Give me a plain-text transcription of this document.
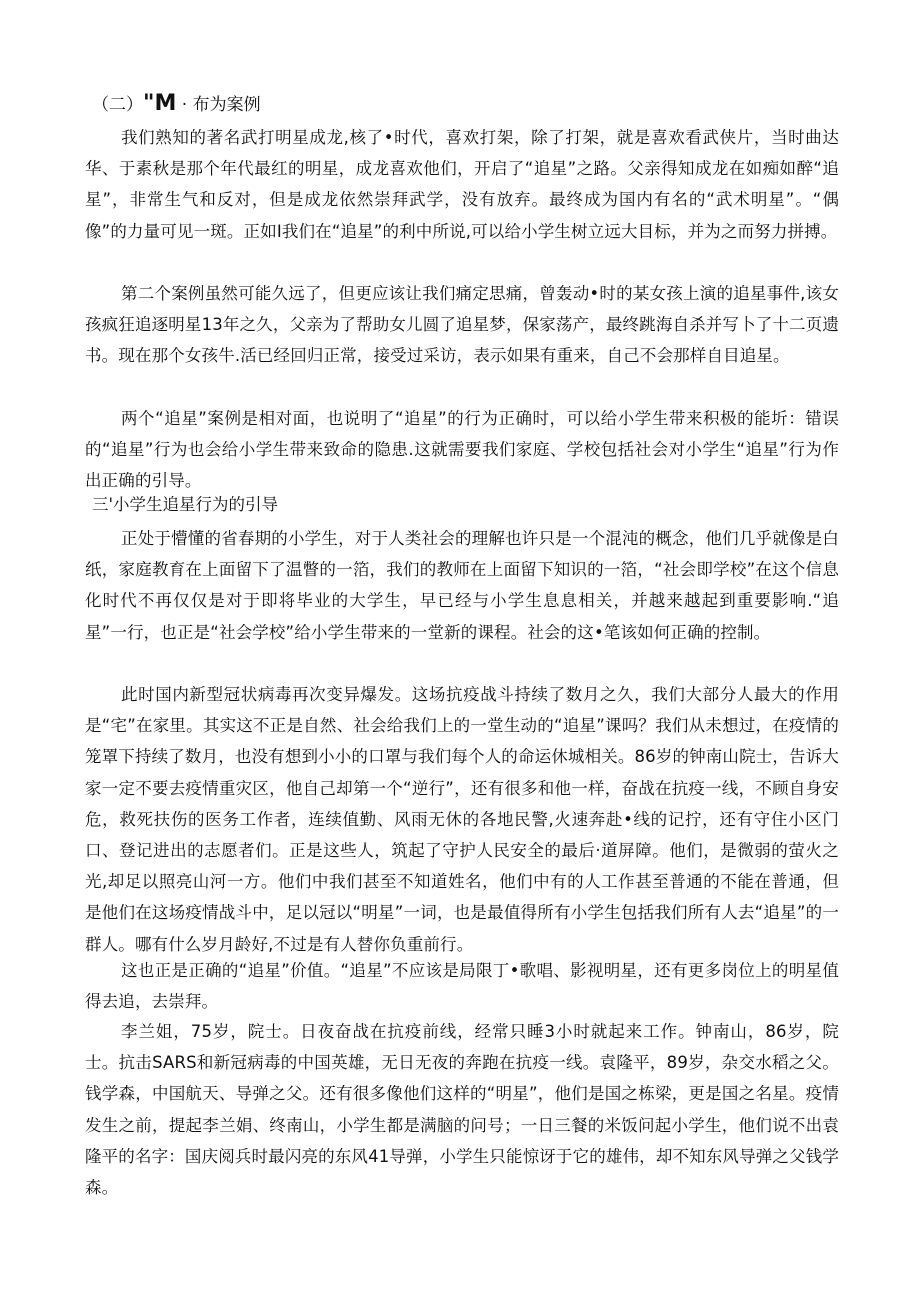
（二）"M · 布为案例

我们熟知的著名武打明星成龙,核了•时代，喜欢打架，除了打架，就是喜欢看武侠片，当时曲达华、于素秋是那个年代最红的明星，成龙喜欢他们，开启了“追星”之路。父亲得知成龙在如痴如醉“追星”，非常生气和反对，但是成龙依然崇拜武学，没有放弃。最终成为国内有名的“武术明星”。“偶像”的力量可见一斑。正如I我们在“追星”的利中所说,可以给小学生树立远大目标，并为之而努力拼搏。

第二个案例虽然可能久远了，但更应该让我们痛定思痛，曾轰动•时的某女孩上演的追星事件,该女孩疯狂追逐明星13年之久，父亲为了帮助女儿圆了追星梦，保家荡产，最终跳海自杀并写卜了十二页遗书。现在那个女孩牛.活已经回归正常，接受过采访，表示如果有重来，自己不会那样自目追星。

两个“追星”案例是相对面，也说明了“追星”的行为正确时，可以给小学生带来积极的能圻：错误的“追星”行为也会给小学生带来致命的隐患.这就需要我们家庭、学校包括社会对小学生“追星”行为作出正确的引导。

三'小学生追星行为的引导

正处于懵懂的省春期的小学生，对于人类社会的理解也许只是一个混沌的概念，他们几乎就像是白纸，家庭教育在上面留下了温瞥的一箔，我们的教师在上面留下知识的一箔，“社会即学校”在这个信息化时代不再仅仅是对于即将毕业的大学生，早已经与小学生息息相关，并越来越起到重要影响.“追星”一行，也正是“社会学校”给小学生带来的一堂新的课程。社会的这•笔该如何正确的控制。

此时国内新型冠状病毒再次变异爆发。这场抗疫战斗持续了数月之久，我们大部分人最大的作用是“宅”在家里。其实这不正是自然、社会给我们上的一堂生动的“追星”课吗？我们从未想过，在疫情的笼罩下持续了数月，也没有想到小小的口罩与我们每个人的命运休城相关。86岁的钟南山院士，告诉大家一定不要去疫情重灾区，他自己却第一个“逆行”，还有很多和他一样，奋战在抗疫一线，不顾自身安危，救死扶伤的医务工作者，连续值勤、风雨无休的各地民警,火速奔赴•线的记拧，还有守住小区门口、登记进出的志愿者们。正是这些人，筑起了守护人民安全的最后·道屏障。他们，是微弱的萤火之光,却足以照亮山河一方。他们中我们甚至不知道姓名，他们中有的人工作甚至普通的不能在普通，但是他们在这场疫情战斗中，足以冠以“明星”一词，也是最值得所有小学生包括我们所有人去“追星”的一群人。哪有什么岁月龄好,不过是有人替你负重前行。

这也正是正确的“追星”价值。“追星”不应该是局限丁•歌唱、影视明星，还有更多岗位上的明星值得去追，去崇拜。

李兰姐，75岁，院士。日夜奋战在抗疫前线，经常只睡3小时就起来工作。钟南山，86岁，院士。抗击SARS和新冠病毒的中国英雄，无日无夜的奔跑在抗疫一线。袁隆平，89岁，杂交水稻之父。钱学森，中国航天、导弹之父。还有很多像他们这样的“明星”，他们是国之栋梁，更是国之名星。疫情发生之前，提起李兰娟、终南山，小学生都是满脑的问号；一日三餐的米饭问起小学生，他们说不出袁隆平的名字：国庆阅兵时最闪亮的东风41导弹，小学生只能惊讶于它的雄伟，却不知东风导弹之父钱学森。
